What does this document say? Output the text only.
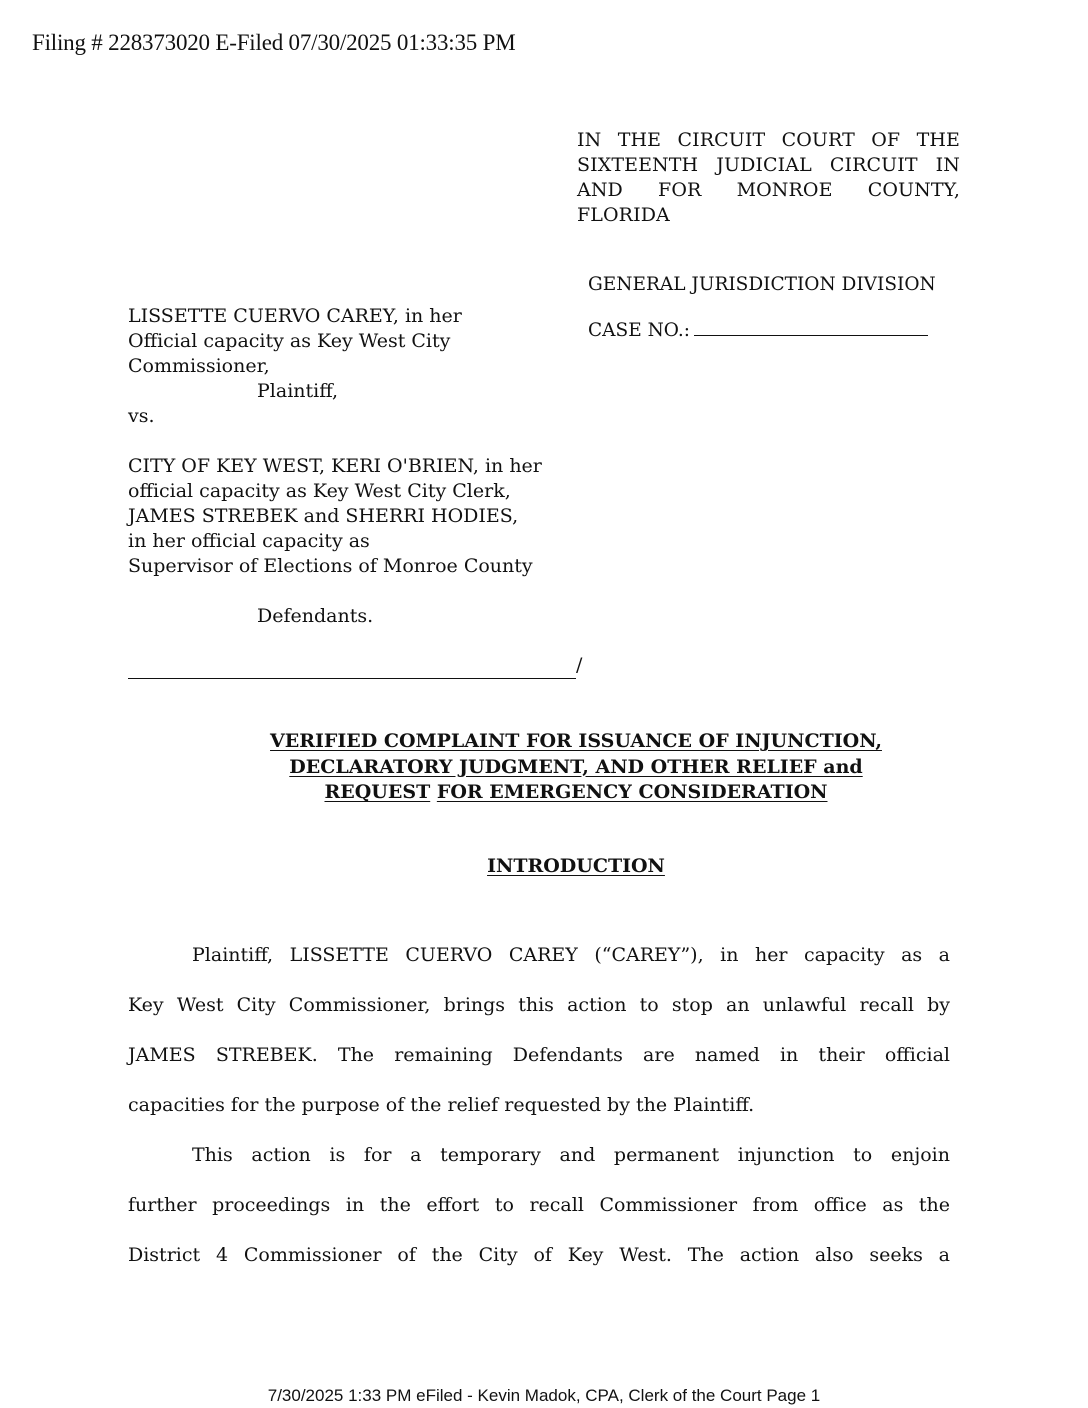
Filing # 228373020 E-Filed 07/30/2025 01:33:35 PM
IN THE CIRCUIT COURT OF THE
SIXTEENTH JUDICIAL CIRCUIT IN
AND FOR MONROE COUNTY,
FLORIDA
GENERAL JURISDICTION DIVISION
CASE NO.:
LISSETTE CUERVO CAREY, in her
Official capacity as Key West City
Commissioner,
Plaintiff,
vs.
CITY OF KEY WEST, KERI O'BRIEN, in her
official capacity as Key West City Clerk,
JAMES STREBEK and SHERRI HODIES,
in her official capacity as
Supervisor of Elections of Monroe County
Defendants.
/
VERIFIED COMPLAINT FOR ISSUANCE OF INJUNCTION,
DECLARATORY JUDGMENT, AND OTHER RELIEF and
REQUEST FOR EMERGENCY CONSIDERATION
INTRODUCTION
Plaintiff, LISSETTE CUERVO CAREY (“CAREY”), in her capacity as a
Key West City Commissioner, brings this action to stop an unlawful recall by
JAMES STREBEK. The remaining Defendants are named in their official
capacities for the purpose of the relief requested by the Plaintiff.
This action is for a temporary and permanent injunction to enjoin
further proceedings in the effort to recall Commissioner from office as the
District 4 Commissioner of the City of Key West. The action also seeks a
7/30/2025 1:33 PM eFiled - Kevin Madok, CPA, Clerk of the Court Page 1
